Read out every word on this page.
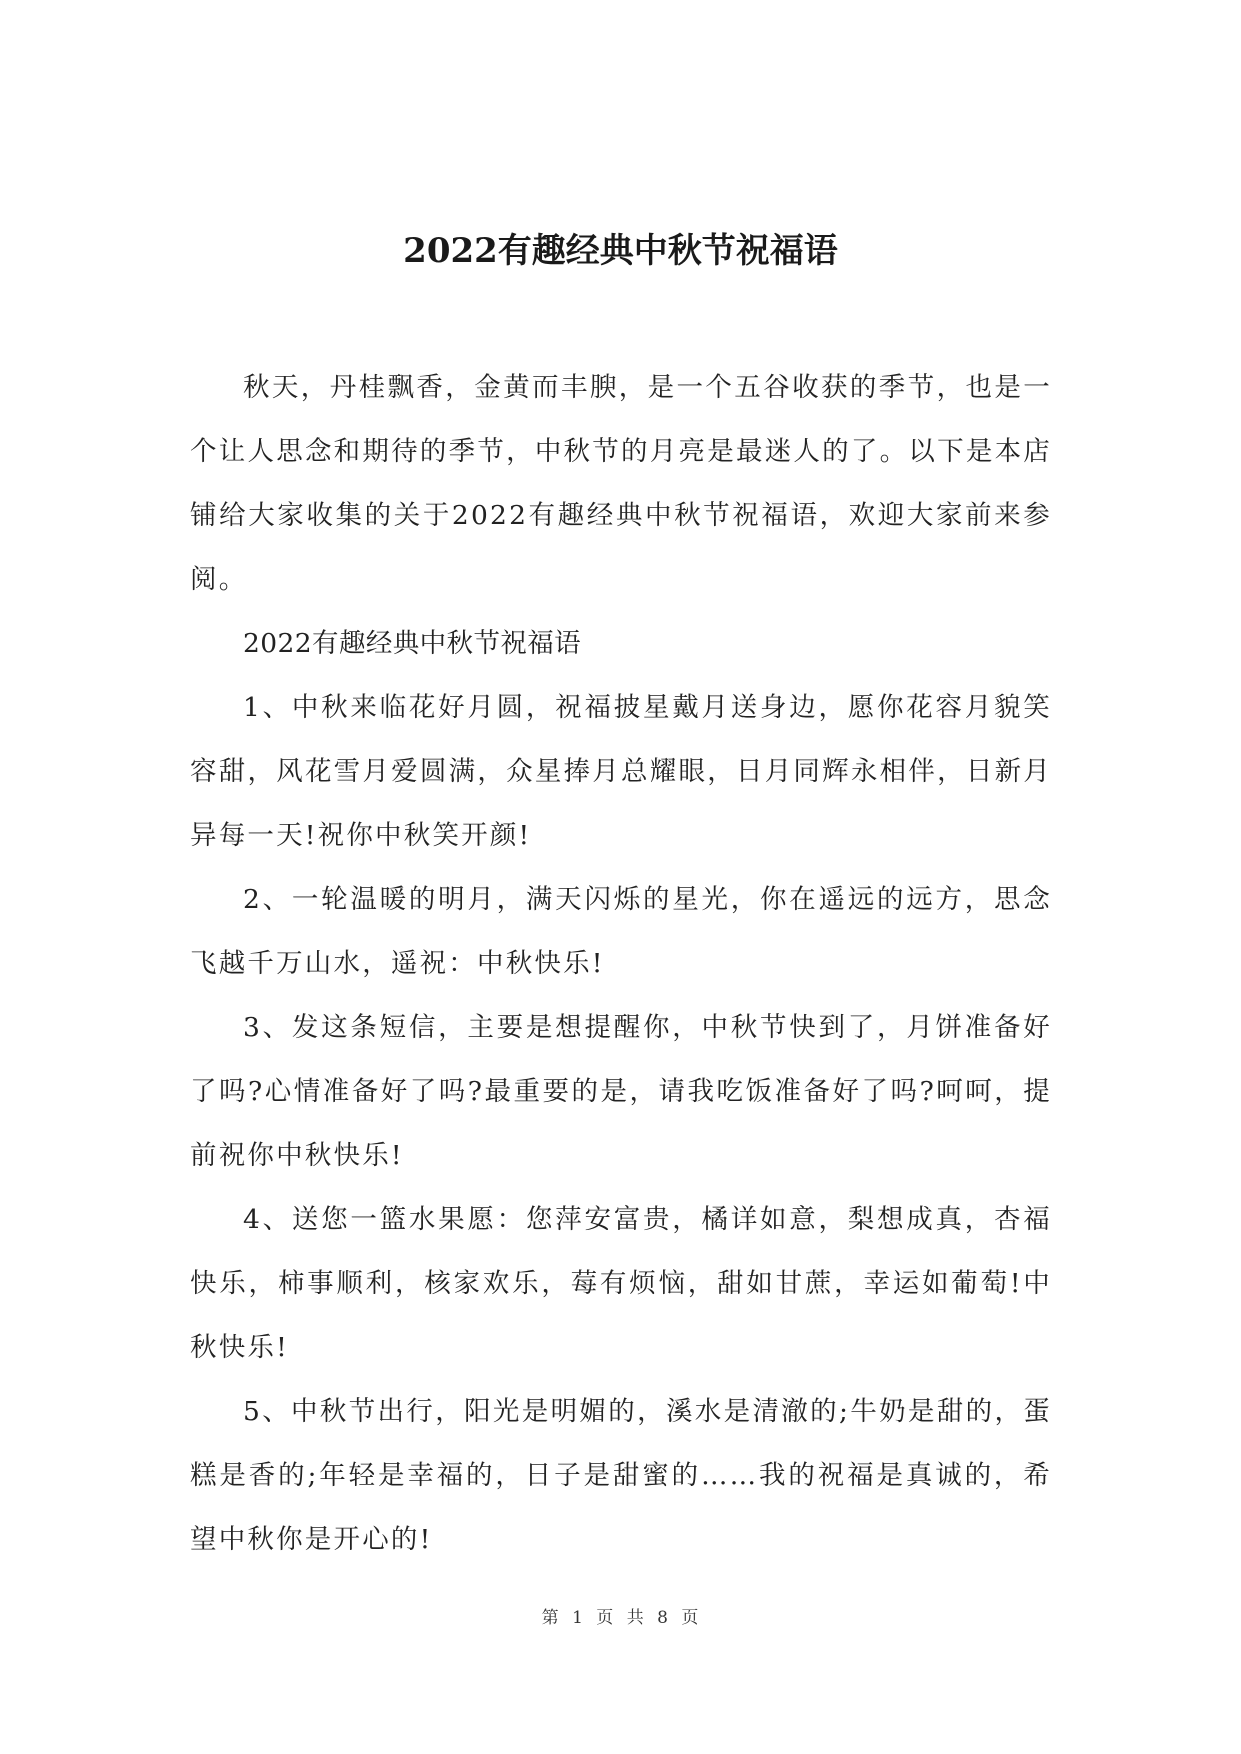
2022有趣经典中秋节祝福语

秋天，丹桂飘香，金黄而丰腴，是一个五谷收获的季节，也是一个让人思念和期待的季节，中秋节的月亮是最迷人的了。以下是本店铺给大家收集的关于2022有趣经典中秋节祝福语，欢迎大家前来参阅。

2022有趣经典中秋节祝福语

1、中秋来临花好月圆，祝福披星戴月送身边，愿你花容月貌笑容甜，风花雪月爱圆满，众星捧月总耀眼，日月同辉永相伴，日新月异每一天!祝你中秋笑开颜!

2、一轮温暖的明月，满天闪烁的星光，你在遥远的远方，思念飞越千万山水，遥祝：中秋快乐!

3、发这条短信，主要是想提醒你，中秋节快到了，月饼准备好了吗?心情准备好了吗?最重要的是，请我吃饭准备好了吗?呵呵，提前祝你中秋快乐!

4、送您一篮水果愿：您萍安富贵，橘详如意，梨想成真，杏福快乐，柿事顺利，核家欢乐，莓有烦恼，甜如甘蔗，幸运如葡萄!中秋快乐!

5、中秋节出行，阳光是明媚的，溪水是清澈的;牛奶是甜的，蛋糕是香的;年轻是幸福的，日子是甜蜜的……我的祝福是真诚的，希望中秋你是开心的!

第 1 页 共 8 页
